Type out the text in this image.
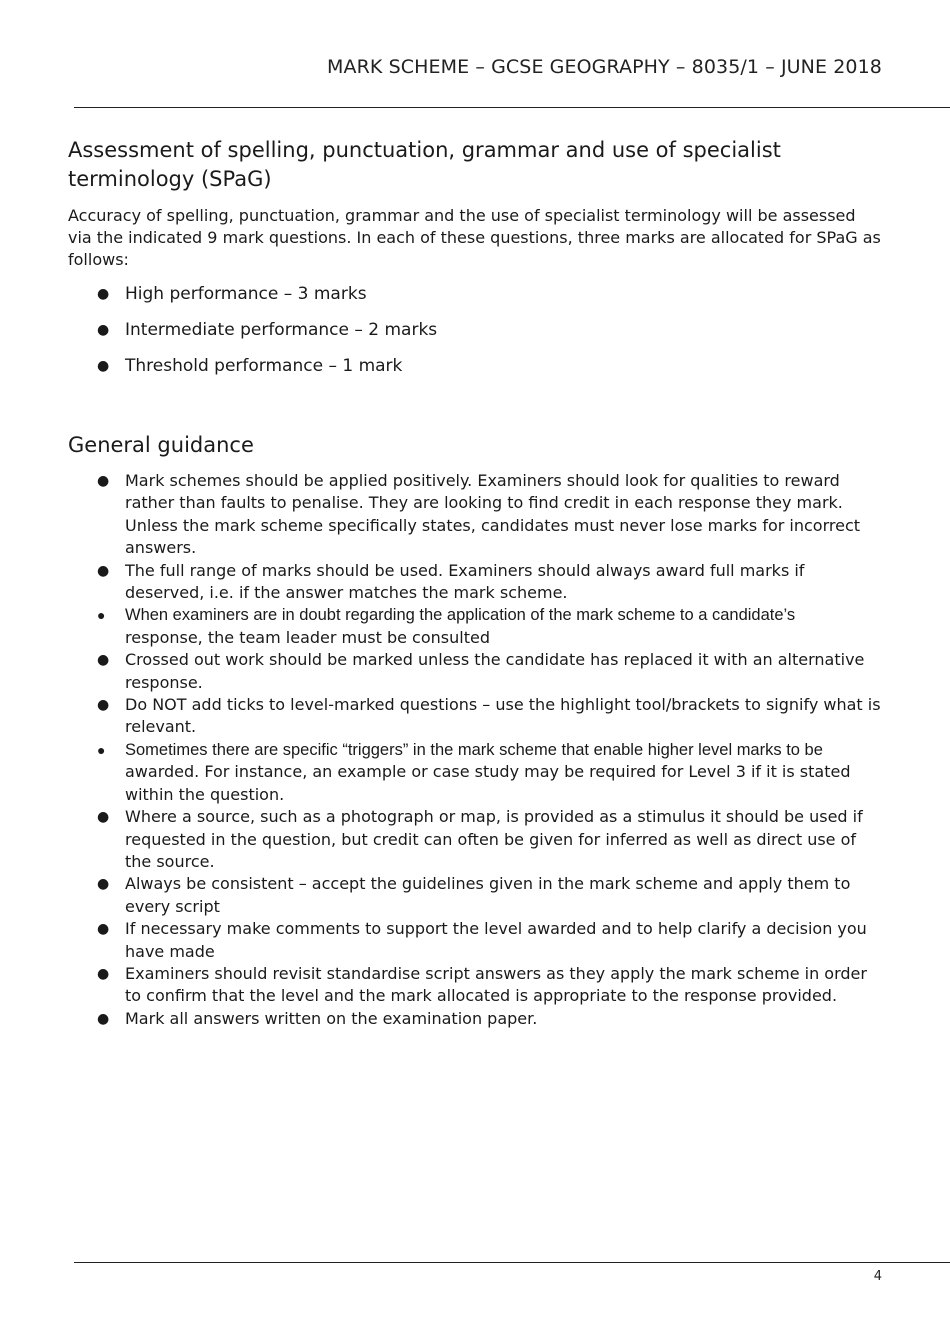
MARK SCHEME – GCSE GEOGRAPHY – 8035/1 – JUNE 2018
Assessment of spelling, punctuation, grammar and use of specialist terminology (SPaG)

Accuracy of spelling, punctuation, grammar and the use of specialist terminology will be assessed via the indicated 9 mark questions. In each of these questions, three marks are allocated for SPaG as follows:

● High performance – 3 marks
● Intermediate performance – 2 marks
● Threshold performance – 1 mark
General guidance
● Mark schemes should be applied positively. Examiners should look for qualities to reward rather than faults to penalise. They are looking to find credit in each response they mark. Unless the mark scheme specifically states, candidates must never lose marks for incorrect answers.
● The full range of marks should be used. Examiners should always award full marks if deserved, i.e. if the answer matches the mark scheme.
● When examiners are in doubt regarding the application of the mark scheme to a candidate’s
response, the team leader must be consulted
● Crossed out work should be marked unless the candidate has replaced it with an alternative response.
● Do NOT add ticks to level-marked questions – use the highlight tool/brackets to signify what is relevant.
● Sometimes there are specific “triggers” in the mark scheme that enable higher level marks to be
awarded. For instance, an example or case study may be required for Level 3 if it is stated within the question.
● Where a source, such as a photograph or map, is provided as a stimulus it should be used if requested in the question, but credit can often be given for inferred as well as direct use of the source.
● Always be consistent – accept the guidelines given in the mark scheme and apply them to every script
● If necessary make comments to support the level awarded and to help clarify a decision you have made
● Examiners should revisit standardise script answers as they apply the mark scheme in order to confirm that the level and the mark allocated is appropriate to the response provided.
● Mark all answers written on the examination paper.
4
